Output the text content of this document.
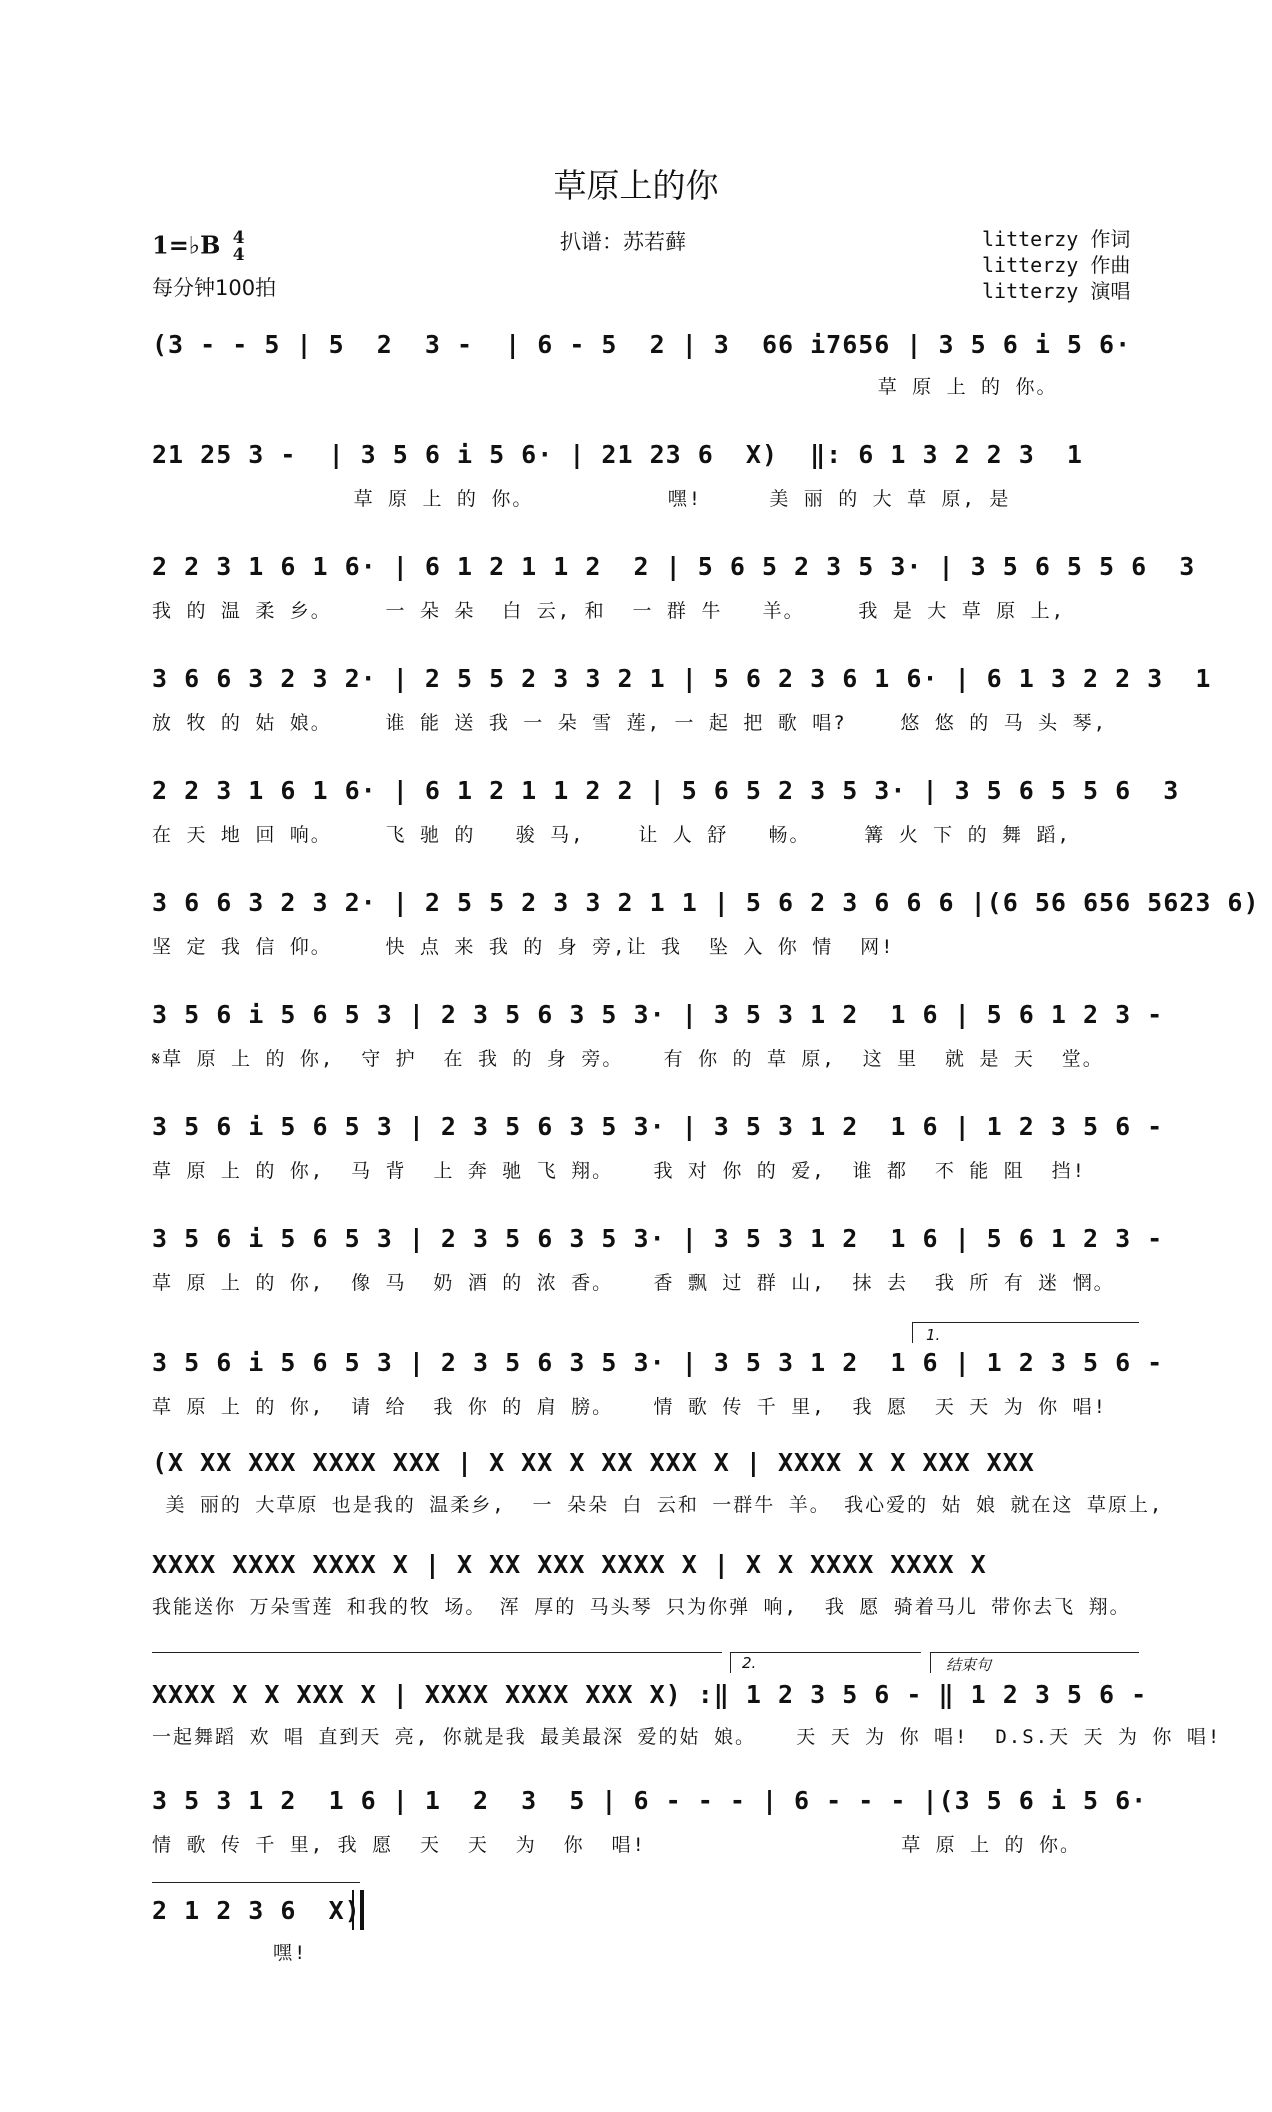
草原上的你
1=♭B 4
4
每分钟100拍
扒谱：苏若藓	litterzy 作词
litterzy 作曲
litterzy 演唱
(3 - - 5 | 5  2  3 -  | 6 - 5  2 | 3  66 i7656 | 3 5 6 i 5 6·
草 原 上 的 你。
21 25 3 -  | 3 5 6 i 5 6· | 21 23 6  X)  ‖: 6 1 3 2 2 3  1
草 原 上 的 你。          嘿!     美 丽 的 大 草 原, 是
2 2 3 1 6 1 6· | 6 1 2 1 1 2  2 | 5 6 5 2 3 5 3· | 3 5 6 5 5 6  3
我 的 温 柔 乡。    一 朵 朵  白 云, 和  一 群 牛   羊。    我 是 大 草 原 上,
3 6 6 3 2 3 2· | 2 5 5 2 3 3 2 1 | 5 6 2 3 6 1 6· | 6 1 3 2 2 3  1
放 牧 的 姑 娘。    谁 能 送 我 一 朵 雪 莲, 一 起 把 歌 唱?    悠 悠 的 马 头 琴,
2 2 3 1 6 1 6· | 6 1 2 1 1 2 2 | 5 6 5 2 3 5 3· | 3 5 6 5 5 6  3
在 天 地 回 响。    飞 驰 的   骏 马,    让 人 舒   畅。    篝 火 下 的 舞 蹈,
3 6 6 3 2 3 2· | 2 5 5 2 3 3 2 1 1 | 5 6 2 3 6 6 6 |(6 56 656 5623 6)
坚 定 我 信 仰。    快 点 来 我 的 身 旁,让 我  坠 入 你 情  网!
3 5 6 i 5 6 5 3 | 2 3 5 6 3 5 3· | 3 5 3 1 2  1 6 | 5 6 1 2 3 -
𝄋草 原 上 的 你,  守 护  在 我 的 身 旁。   有 你 的 草 原,  这 里  就 是 天  堂。
3 5 6 i 5 6 5 3 | 2 3 5 6 3 5 3· | 3 5 3 1 2  1 6 | 1 2 3 5 6 -
草 原 上 的 你,  马 背  上 奔 驰 飞 翔。   我 对 你 的 爱,  谁 都  不 能 阻  挡!
3 5 6 i 5 6 5 3 | 2 3 5 6 3 5 3· | 3 5 3 1 2  1 6 | 5 6 1 2 3 -
草 原 上 的 你,  像 马  奶 酒 的 浓 香。   香 飘 过 群 山,  抹 去  我 所 有 迷 惘。
1.
3 5 6 i 5 6 5 3 | 2 3 5 6 3 5 3· | 3 5 3 1 2  1 6 | 1 2 3 5 6 -
草 原 上 的 你,  请 给  我 你 的 肩 膀。   情 歌 传 千 里,  我 愿  天 天 为 你 唱!
(X XX XXX XXXX XXX | X XX X XX XXX X | XXXX X X XXX XXX
美 丽的 大草原 也是我的 温柔乡,  一 朵朵 白 云和 一群牛 羊。 我心爱的 姑 娘 就在这 草原上,
XXXX XXXX XXXX X | X XX XXX XXXX X | X X XXXX XXXX X
我能送你 万朵雪莲 和我的牧 场。 浑 厚的 马头琴 只为你弹 响,  我 愿 骑着马儿 带你去飞 翔。
2.	结束句
XXXX X X XXX X | XXXX XXXX XXX X) :‖ 1 2 3 5 6 - ‖ 1 2 3 5 6 -
一起舞蹈 欢 唱 直到天 亮, 你就是我 最美最深 爱的姑 娘。   天 天 为 你 唱!  D.S.天 天 为 你 唱!
3 5 3 1 2  1 6 | 1  2  3  5 | 6 - - - | 6 - - - |(3 5 6 i 5 6·
情 歌 传 千 里, 我 愿  天  天  为  你  唱!                   草 原 上 的 你。
2 1 2 3 6  X)
嘿!
